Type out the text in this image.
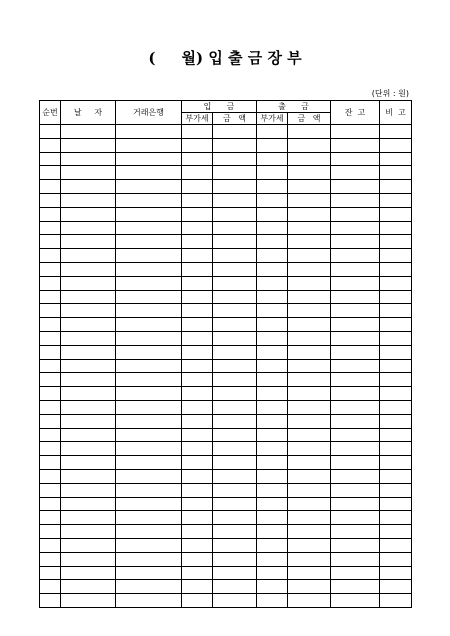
(     월) 입 출 금 장 부
(단위 : 원)
순번	날     자	거래은행	입      금		출      금		잔  고	비  고
			부가세	금   액	부가세	금   액		
